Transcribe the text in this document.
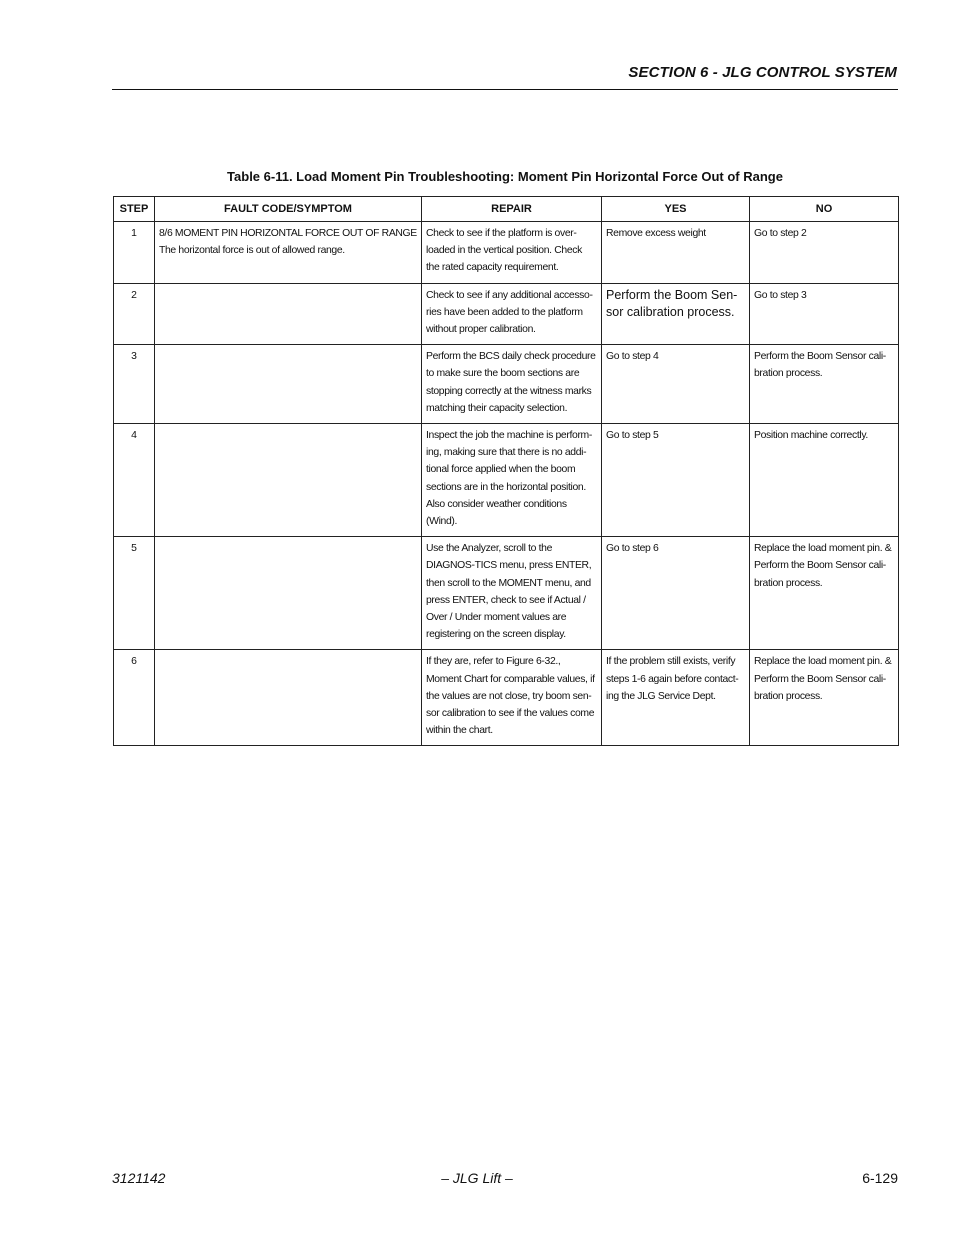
SECTION 6 - JLG CONTROL SYSTEM
Table 6-11. Load Moment Pin Troubleshooting: Moment Pin Horizontal Force Out of Range
STEP	FAULT CODE/SYMPTOM	REPAIR	YES	NO
1	8/6 MOMENT PIN HORIZONTAL FORCE OUT OF RANGE The horizontal force is out of allowed range.	Check to see if the platform is over-loaded in the vertical position. Check the rated capacity requirement.	Remove excess weight	Go to step 2
2		Check to see if any additional accesso-ries have been added to the platform without proper calibration.	Perform the Boom Sen-sor calibration process.	Go to step 3
3		Perform the BCS daily check procedure to make sure the boom sections are stopping correctly at the witness marks matching their capacity selection.	Go to step 4	Perform the Boom Sensor cali-bration process.
4		Inspect the job the machine is perform-ing, making sure that there is no addi-tional force applied when the boom sections are in the horizontal position. Also consider weather conditions (Wind).	Go to step 5	Position machine correctly.
5		Use the Analyzer, scroll to the DIAGNOS-TICS menu, press ENTER, then scroll to the MOMENT menu, and press ENTER, check to see if Actual / Over / Under moment values are registering on the screen display.	Go to step 6	Replace the load moment pin. & Perform the Boom Sensor cali-bration process.
6		If they are, refer to Figure 6-32., Moment Chart for comparable values, if the values are not close, try boom sen-sor calibration to see if the values come within the chart.	If the problem still exists, verify steps 1-6 again before contact-ing the JLG Service Dept.	Replace the load moment pin. & Perform the Boom Sensor cali-bration process.
3121142	– JLG Lift –	6-129
